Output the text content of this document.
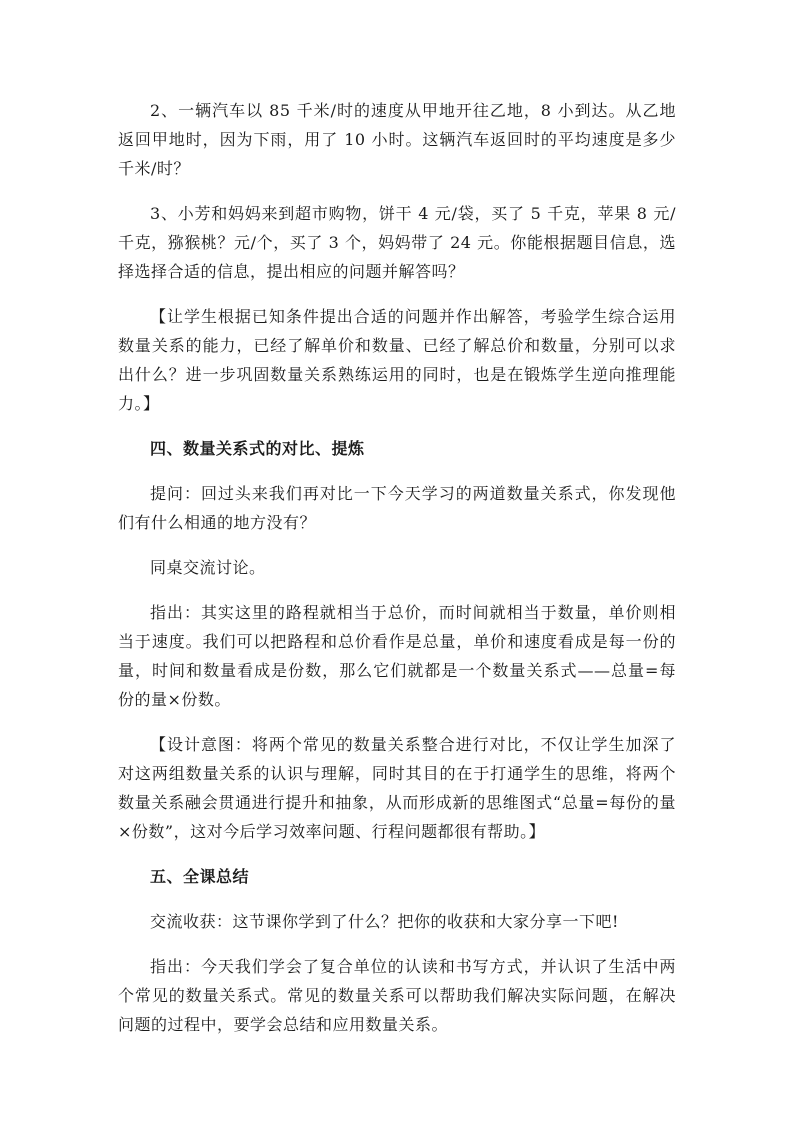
2、一辆汽车以 85 千米/时的速度从甲地开往乙地，8 小到达。从乙地返回甲地时，因为下雨，用了 10 小时。这辆汽车返回时的平均速度是多少千米/时？

3、小芳和妈妈来到超市购物，饼干 4 元/袋，买了 5 千克，苹果 8 元/千克，猕猴桃？元/个，买了 3 个，妈妈带了 24 元。你能根据题目信息，选择选择合适的信息，提出相应的问题并解答吗？

【让学生根据已知条件提出合适的问题并作出解答，考验学生综合运用数量关系的能力，已经了解单价和数量、已经了解总价和数量，分别可以求出什么？进一步巩固数量关系熟练运用的同时，也是在锻炼学生逆向推理能力。】

四、数量关系式的对比、提炼

提问：回过头来我们再对比一下今天学习的两道数量关系式，你发现他们有什么相通的地方没有？

同桌交流讨论。

指出：其实这里的路程就相当于总价，而时间就相当于数量，单价则相当于速度。我们可以把路程和总价看作是总量，单价和速度看成是每一份的量，时间和数量看成是份数，那么它们就都是一个数量关系式——总量=每份的量×份数。

【设计意图：将两个常见的数量关系整合进行对比，不仅让学生加深了对这两组数量关系的认识与理解，同时其目的在于打通学生的思维，将两个数量关系融会贯通进行提升和抽象，从而形成新的思维图式“总量=每份的量×份数”，这对今后学习效率问题、行程问题都很有帮助。】

五、全课总结

交流收获：这节课你学到了什么？把你的收获和大家分享一下吧!

指出：今天我们学会了复合单位的认读和书写方式，并认识了生活中两个常见的数量关系式。常见的数量关系可以帮助我们解决实际问题，在解决问题的过程中，要学会总结和应用数量关系。
